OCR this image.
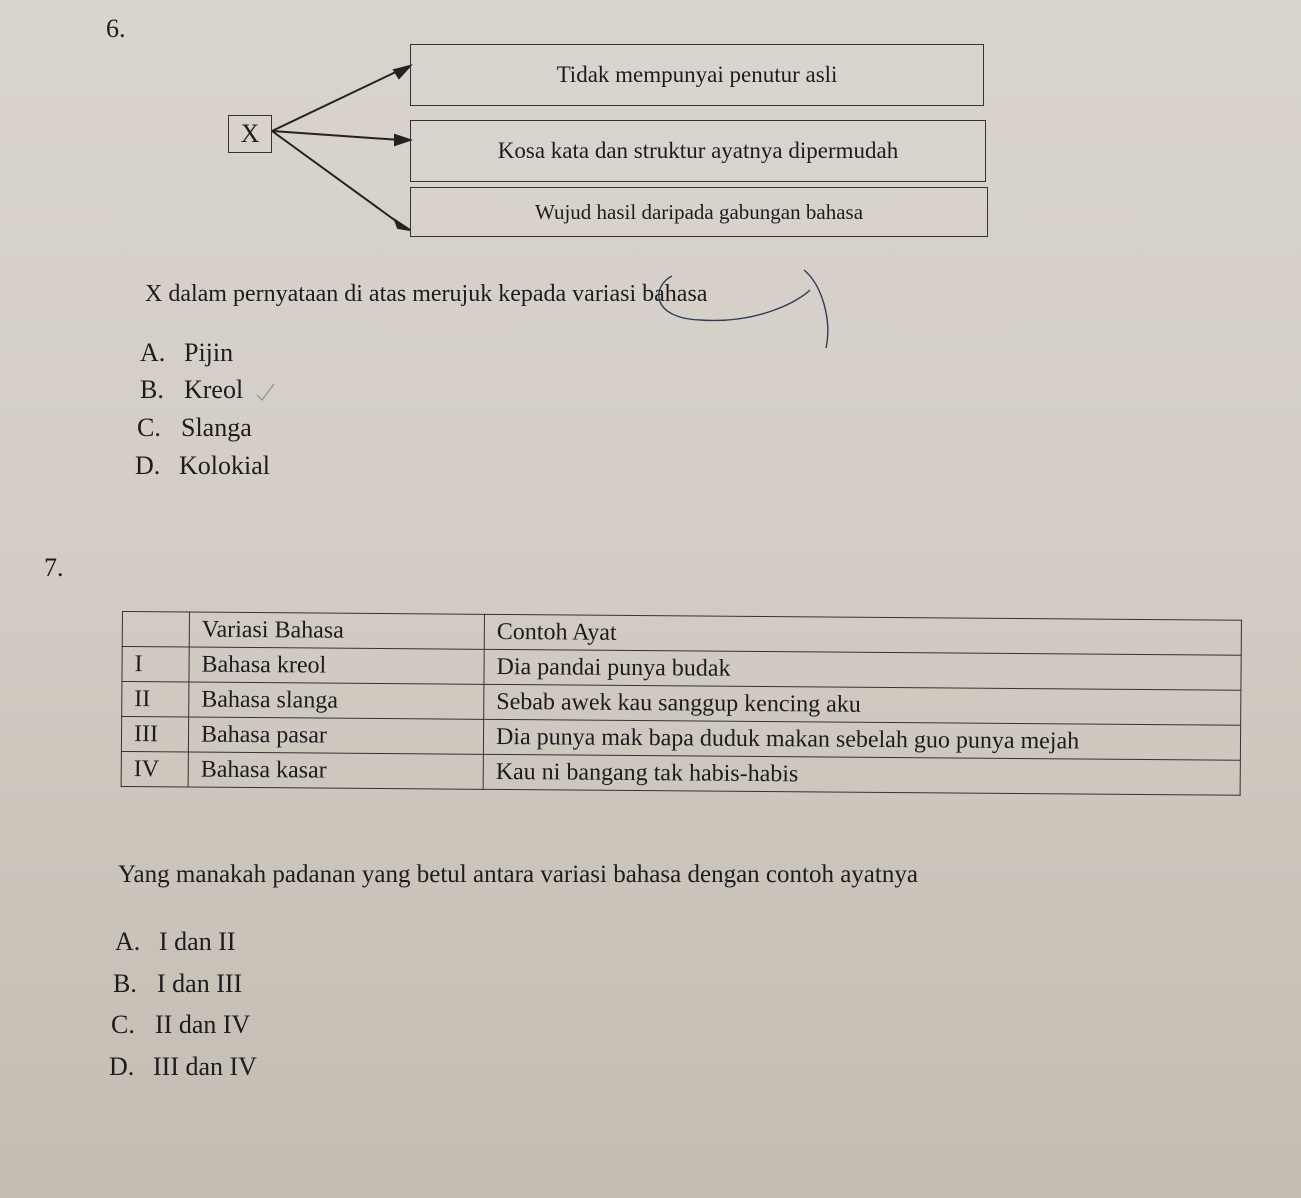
6.
X
Tidak mempunyai penutur asli
Kosa kata dan struktur ayatnya dipermudah
Wujud hasil daripada gabungan bahasa
X dalam pernyataan di atas merujuk kepada variasi bahasa
A. Pijin
B. Kreol
C. Slanga
D. Kolokial
7.
	Variasi Bahasa	Contoh Ayat
I	Bahasa kreol	Dia pandai punya budak
II	Bahasa slanga	Sebab awek kau sanggup kencing aku
III	Bahasa pasar	Dia punya mak bapa duduk makan sebelah guo punya mejah
IV	Bahasa kasar	Kau ni bangang tak habis-habis
Yang manakah padanan yang betul antara variasi bahasa dengan contoh ayatnya
A. I dan II
B. I dan III
C. II dan IV
D. III dan IV
